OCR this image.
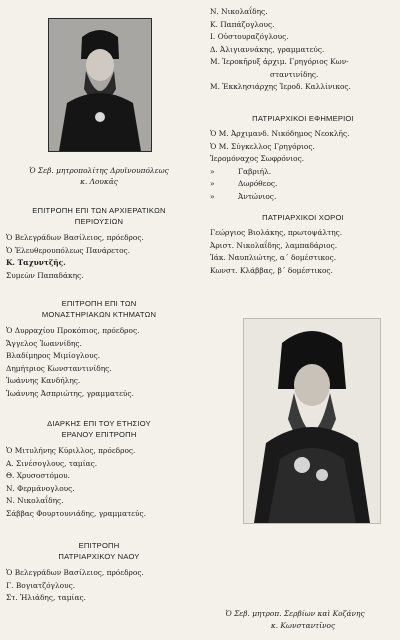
Ὁ Σεβ. μητροπολίτης Δρυϊνουπόλεως
κ. Λουκᾶς
ΕΠΙΤΡΟΠΗ ΕΠΙ ΤΩΝ ΑΡΧΙΕΡΑΤΙΚΩΝ
ΠΕΡΙΟΥΣΙΩΝ
Ὁ Βελεγράδων Βασίλειος, πρόεδρος.
Ὁ Ἐλευθερουπόλεως Πανάρετος.
Κ. Ταχυντζῆς.
Συμεὼν Παπαδάκης.
ΕΠΙΤΡΟΠΗ ΕΠΙ ΤΩΝ
ΜΟΝΑΣΤΗΡΙΑΚΩΝ ΚΤΗΜΑΤΩΝ
Ὁ Δυρραχίου Προκόπιος, πρόεδρος.
Ἄγγελος Ἰωαννίδης.
Βλαδίμηρος Μιμίογλους.
Δημήτριος Κωνσταντινίδης.
Ἰωάννης Κανδήλης.
Ἰωάννης Ἀσπριώτης, γραμματεύς.
ΔΙΑΡΚΗΣ ΕΠΙ ΤΟΥ ΕΤΗΣΙΟΥ
ΕΡΑΝΟΥ ΕΠΙΤΡΟΠΗ
Ὁ Μιτυλήνης Κύριλλος, πρόεδρος.
Α. Σινέσογλους, ταμίας.
Θ. Χρυσοστόμου.
Ν. Φερμάνογλους.
Ν. Νικολαΐδης.
Σάββας Φουρτουνιάδης, γραμματεύς.
ΕΠΙΤΡΟΠΗ
ΠΑΤΡΙΑΡΧΙΚΟΥ ΝΑΟΥ
Ὁ Βελεγράδων Βασίλειος, πρόεδρος.
Γ. Βογιατζόγλους.
Στ. Ἠλιάδης, ταμίας.
Ν. Νικολαΐδης.
Κ. Παπάζογλους.
Ι. Οὐστουραζόγλους.
Δ. Ἀλιγιαννάκης, γραμματεύς.
Μ. Ἱεροκῆρυξ ἀρχιμ. Γρηγόριος Κων-
σταντινίδης.
Μ. Ἐκκλησιάρχης Ἱεροδ. Καλλίνικος.
ΠΑΤΡΙΑΡΧΙΚΟΙ ΕΦΗΜΕΡΙΟΙ
Ὁ Μ. Ἀρχιμανδ. Νικόδημος Νεοκλῆς.
Ὁ Μ. Σύγκελλος Γρηγόριος.
Ἱερομόναχος Σωφρόνιος.
»          Γαβριήλ.
»          Δωρόθεος.
»          Ἀντώνιος.
ΠΑΤΡΙΑΡΧΙΚΟΙ ΧΟΡΟΙ
Γεώργιος Βιολάκης, πρωτοψάλτης.
Ἀριστ. Νικολαΐδης, λαμπαδάριος.
Ἰάκ. Ναυπλιώτης, α΄ δομέστικος.
Κωνστ. Κλάββας, β΄ δομέστικος.
Ὁ Σεβ. μητροπ. Σερβίων καὶ Κοζάνης
κ. Κωνσταντῖνος
